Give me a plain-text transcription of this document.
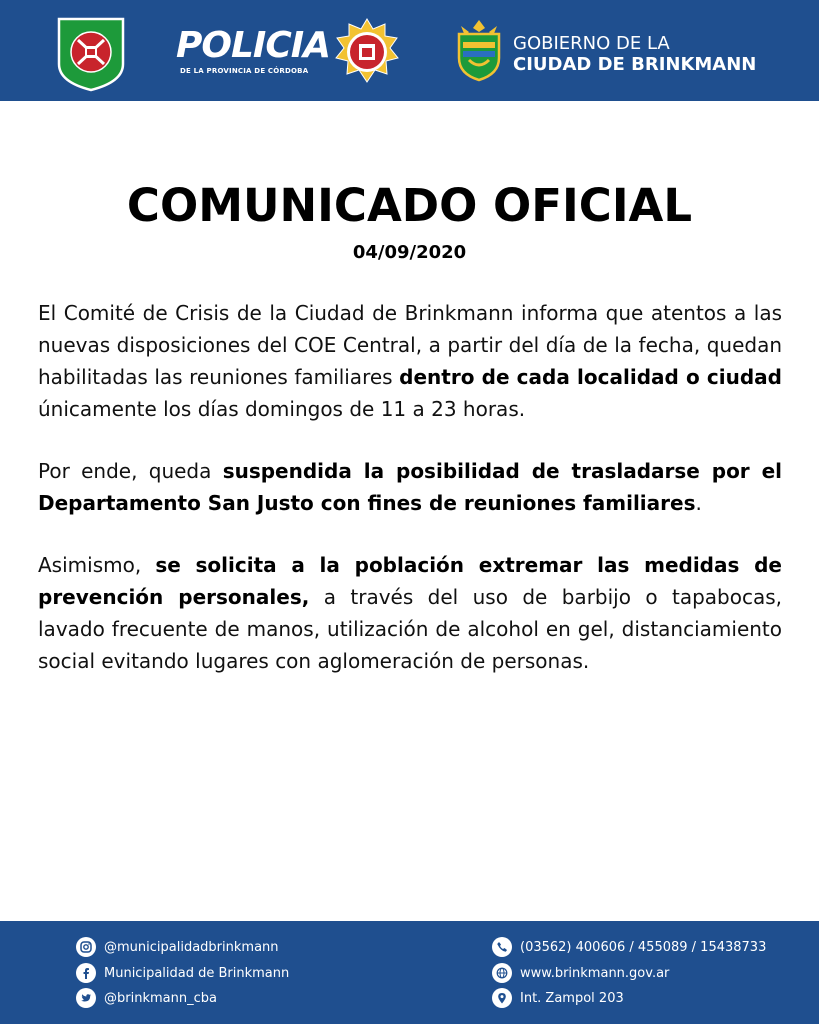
POLICIA
DE LA PROVINCIA DE CÓRDOBA
GOBIERNO DE LA
CIUDAD DE BRINKMANN
COMUNICADO OFICIAL
04/09/2020

El Comité de Crisis de la Ciudad de Brinkmann informa que atentos a las nuevas disposiciones del COE Central, a partir del día de la fecha, quedan habilitadas las reuniones familiares dentro de cada localidad o ciudad únicamente los días domingos de 11 a 23 horas.

Por ende, queda suspendida la posibilidad de trasladarse por el Departamento San Justo con fines de reuniones familiares.

Asimismo, se solicita a la población extremar las medidas de prevención personales, a través del uso de barbijo o tapabocas, lavado frecuente de manos, utilización de alcohol en gel, distanciamiento social evitando lugares con aglomeración de personas.

@municipalidadbrinkmann
Municipalidad de Brinkmann
@brinkmann_cba
(03562) 400606 / 455089 / 15438733
www.brinkmann.gov.ar
Int. Zampol 203
